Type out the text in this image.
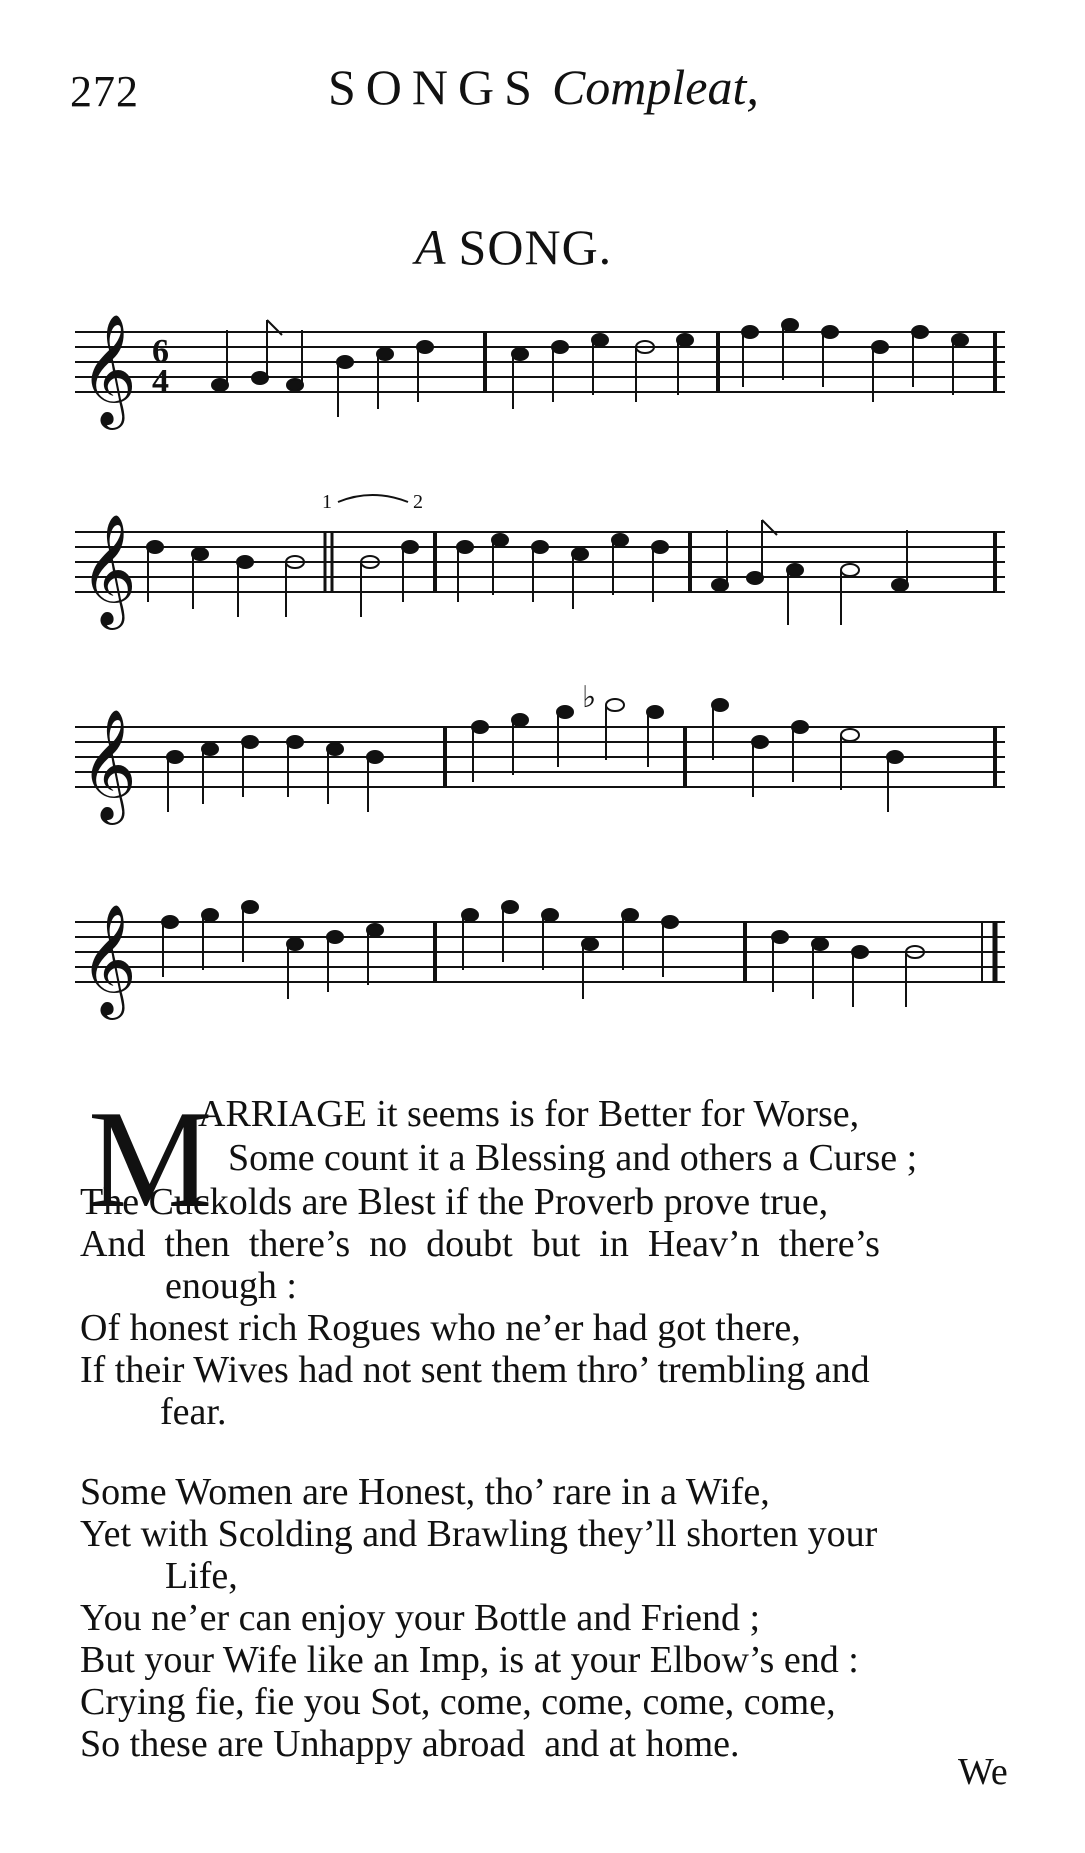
272	SONGS Compleat,
A SONG.
𝄞 6
4
𝄞
1	2
𝄞
♭
𝄞
M
ARRIAGE it seems is for Better for Worse,
Some count it a Blessing and others a Curse ;
The Cuckolds are Blest if the Proverb prove true,
And  then  there’s  no  doubt  but  in  Heav’n  there’s
enough :
Of honest rich Rogues who ne’er had got there,
If their Wives had not sent them thro’ trembling and
fear.
Some Women are Honest, tho’ rare in a Wife,
Yet with Scolding and Brawling they’ll shorten your
Life,
You ne’er can enjoy your Bottle and Friend ;
But your Wife like an Imp, is at your Elbow’s end :
Crying fie, fie you Sot, come, come, come, come,
So these are Unhappy abroad  and at home.
We
